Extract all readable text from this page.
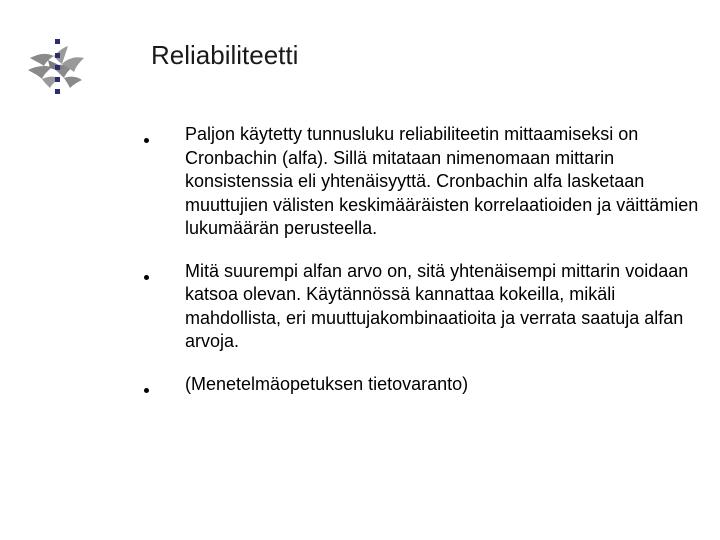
Reliabiliteetti
Paljon käytetty tunnusluku reliabiliteetin mittaamiseksi on Cronbachin (alfa). Sillä mitataan nimenomaan mittarin konsistenssia eli yhtenäisyyttä. Cronbachin alfa lasketaan muuttujien välisten keskimääräisten korrelaatioiden ja väittämien lukumäärän perusteella.
Mitä suurempi alfan arvo on, sitä yhtenäisempi mittarin voidaan katsoa olevan. Käytännössä kannattaa kokeilla, mikäli mahdollista, eri muuttujakombinaatioita ja verrata saatuja alfan arvoja.
(Menetelmäopetuksen tietovaranto)
